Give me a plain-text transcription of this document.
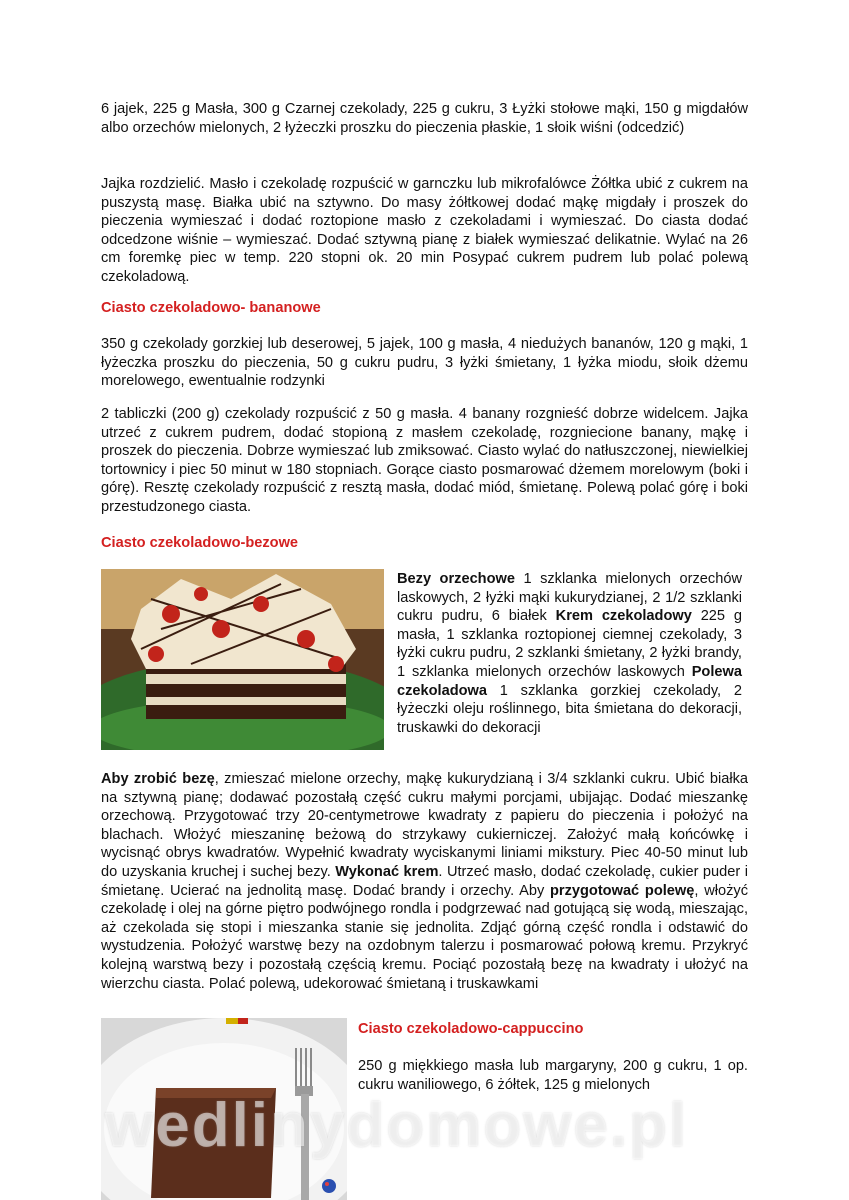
6 jajek, 225 g Masła, 300 g Czarnej czekolady, 225 g cukru, 3 Łyżki stołowe mąki, 150 g migdałów albo orzechów mielonych, 2 łyżeczki proszku do pieczenia płaskie, 1 słoik wiśni (odcedzić)

Jajka rozdzielić. Masło i czekoladę rozpuścić w garnczku lub mikrofalówce Żółtka ubić z cukrem na puszystą masę. Białka ubić na sztywno. Do masy żółtkowej dodać mąkę migdały i proszek do pieczenia wymieszać i dodać roztopione masło z czekoladami i wymieszać. Do ciasta dodać odcedzone wiśnie – wymieszać. Dodać sztywną pianę z białek wymieszać delikatnie. Wylać na 26 cm foremkę piec w temp. 220 stopni ok. 20 min Posypać cukrem pudrem lub polać polewą czekoladową.

Ciasto czekoladowo- bananowe

350 g czekolady gorzkiej lub deserowej, 5 jajek, 100 g masła, 4 niedużych bananów, 120 g mąki, 1 łyżeczka proszku do pieczenia, 50 g cukru pudru, 3 łyżki śmietany, 1 łyżka miodu, słoik dżemu morelowego, ewentualnie rodzynki

2 tabliczki (200 g) czekolady rozpuścić z 50 g masła. 4 banany rozgnieść dobrze widelcem. Jajka utrzeć z cukrem pudrem, dodać stopioną z masłem czekoladę, rozgniecione banany, mąkę i proszek do pieczenia. Dobrze wymieszać lub zmiksować. Ciasto wylać do natłuszczonej, niewielkiej tortownicy i piec 50 minut w 180 stopniach. Gorące ciasto posmarować dżemem morelowym (boki i górę). Resztę czekolady rozpuścić z resztą masła, dodać miód, śmietanę. Polewą polać górę i boki przestudzonego ciasta.

Ciasto czekoladowo-bezowe

Bezy orzechowe 1 szklanka mielonych orzechów laskowych, 2 łyżki mąki kukurydzianej, 2 1/2 szklanki cukru pudru, 6 białek Krem czekoladowy 225 g masła, 1 szklanka roztopionej ciemnej czekolady, 3 łyżki cukru pudru, 2 szklanki śmietany, 2 łyżki brandy, 1 szklanka mielonych orzechów laskowych Polewa czekoladowa 1 szklanka gorzkiej czekolady, 2 łyżeczki oleju roślinnego, bita śmietana do dekoracji, truskawki do dekoracji

Aby zrobić bezę, zmieszać mielone orzechy, mąkę kukurydzianą i 3/4 szklanki cukru. Ubić białka na sztywną pianę; dodawać pozostałą część cukru małymi porcjami, ubijając. Dodać mieszankę orzechową. Przygotować trzy 20-centymetrowe kwadraty z papieru do pieczenia i położyć na blachach. Włożyć mieszaninę beżową do strzykawy cukierniczej. Założyć małą końcówkę i wycisnąć obrys kwadratów. Wypełnić kwadraty wyciskanymi liniami mikstury. Piec 40-50 minut lub do uzyskania kruchej i suchej bezy. Wykonać krem. Utrzeć masło, dodać czekoladę, cukier puder i śmietanę. Ucierać na jednolitą masę. Dodać brandy i orzechy. Aby przygotować polewę, włożyć czekoladę i olej na górne piętro podwójnego rondla i podgrzewać nad gotującą się wodą, mieszając, aż czekolada się stopi i mieszanka stanie się jednolita. Zdjąć górną część rondla i odstawić do wystudzenia. Położyć warstwę bezy na ozdobnym talerzu i posmarować połową kremu. Przykryć kolejną warstwą bezy i pozostałą częścią kremu. Pociąć pozostałą bezę na kwadraty i ułożyć na wierzchu ciasta. Polać polewą, udekorować śmietaną i truskawkami

Ciasto czekoladowo-cappuccino

250 g miękkiego masła lub margaryny, 200 g cukru, 1 op. cukru waniliowego, 6 żółtek, 125 g mielonych

wedlinydomowe.pl
